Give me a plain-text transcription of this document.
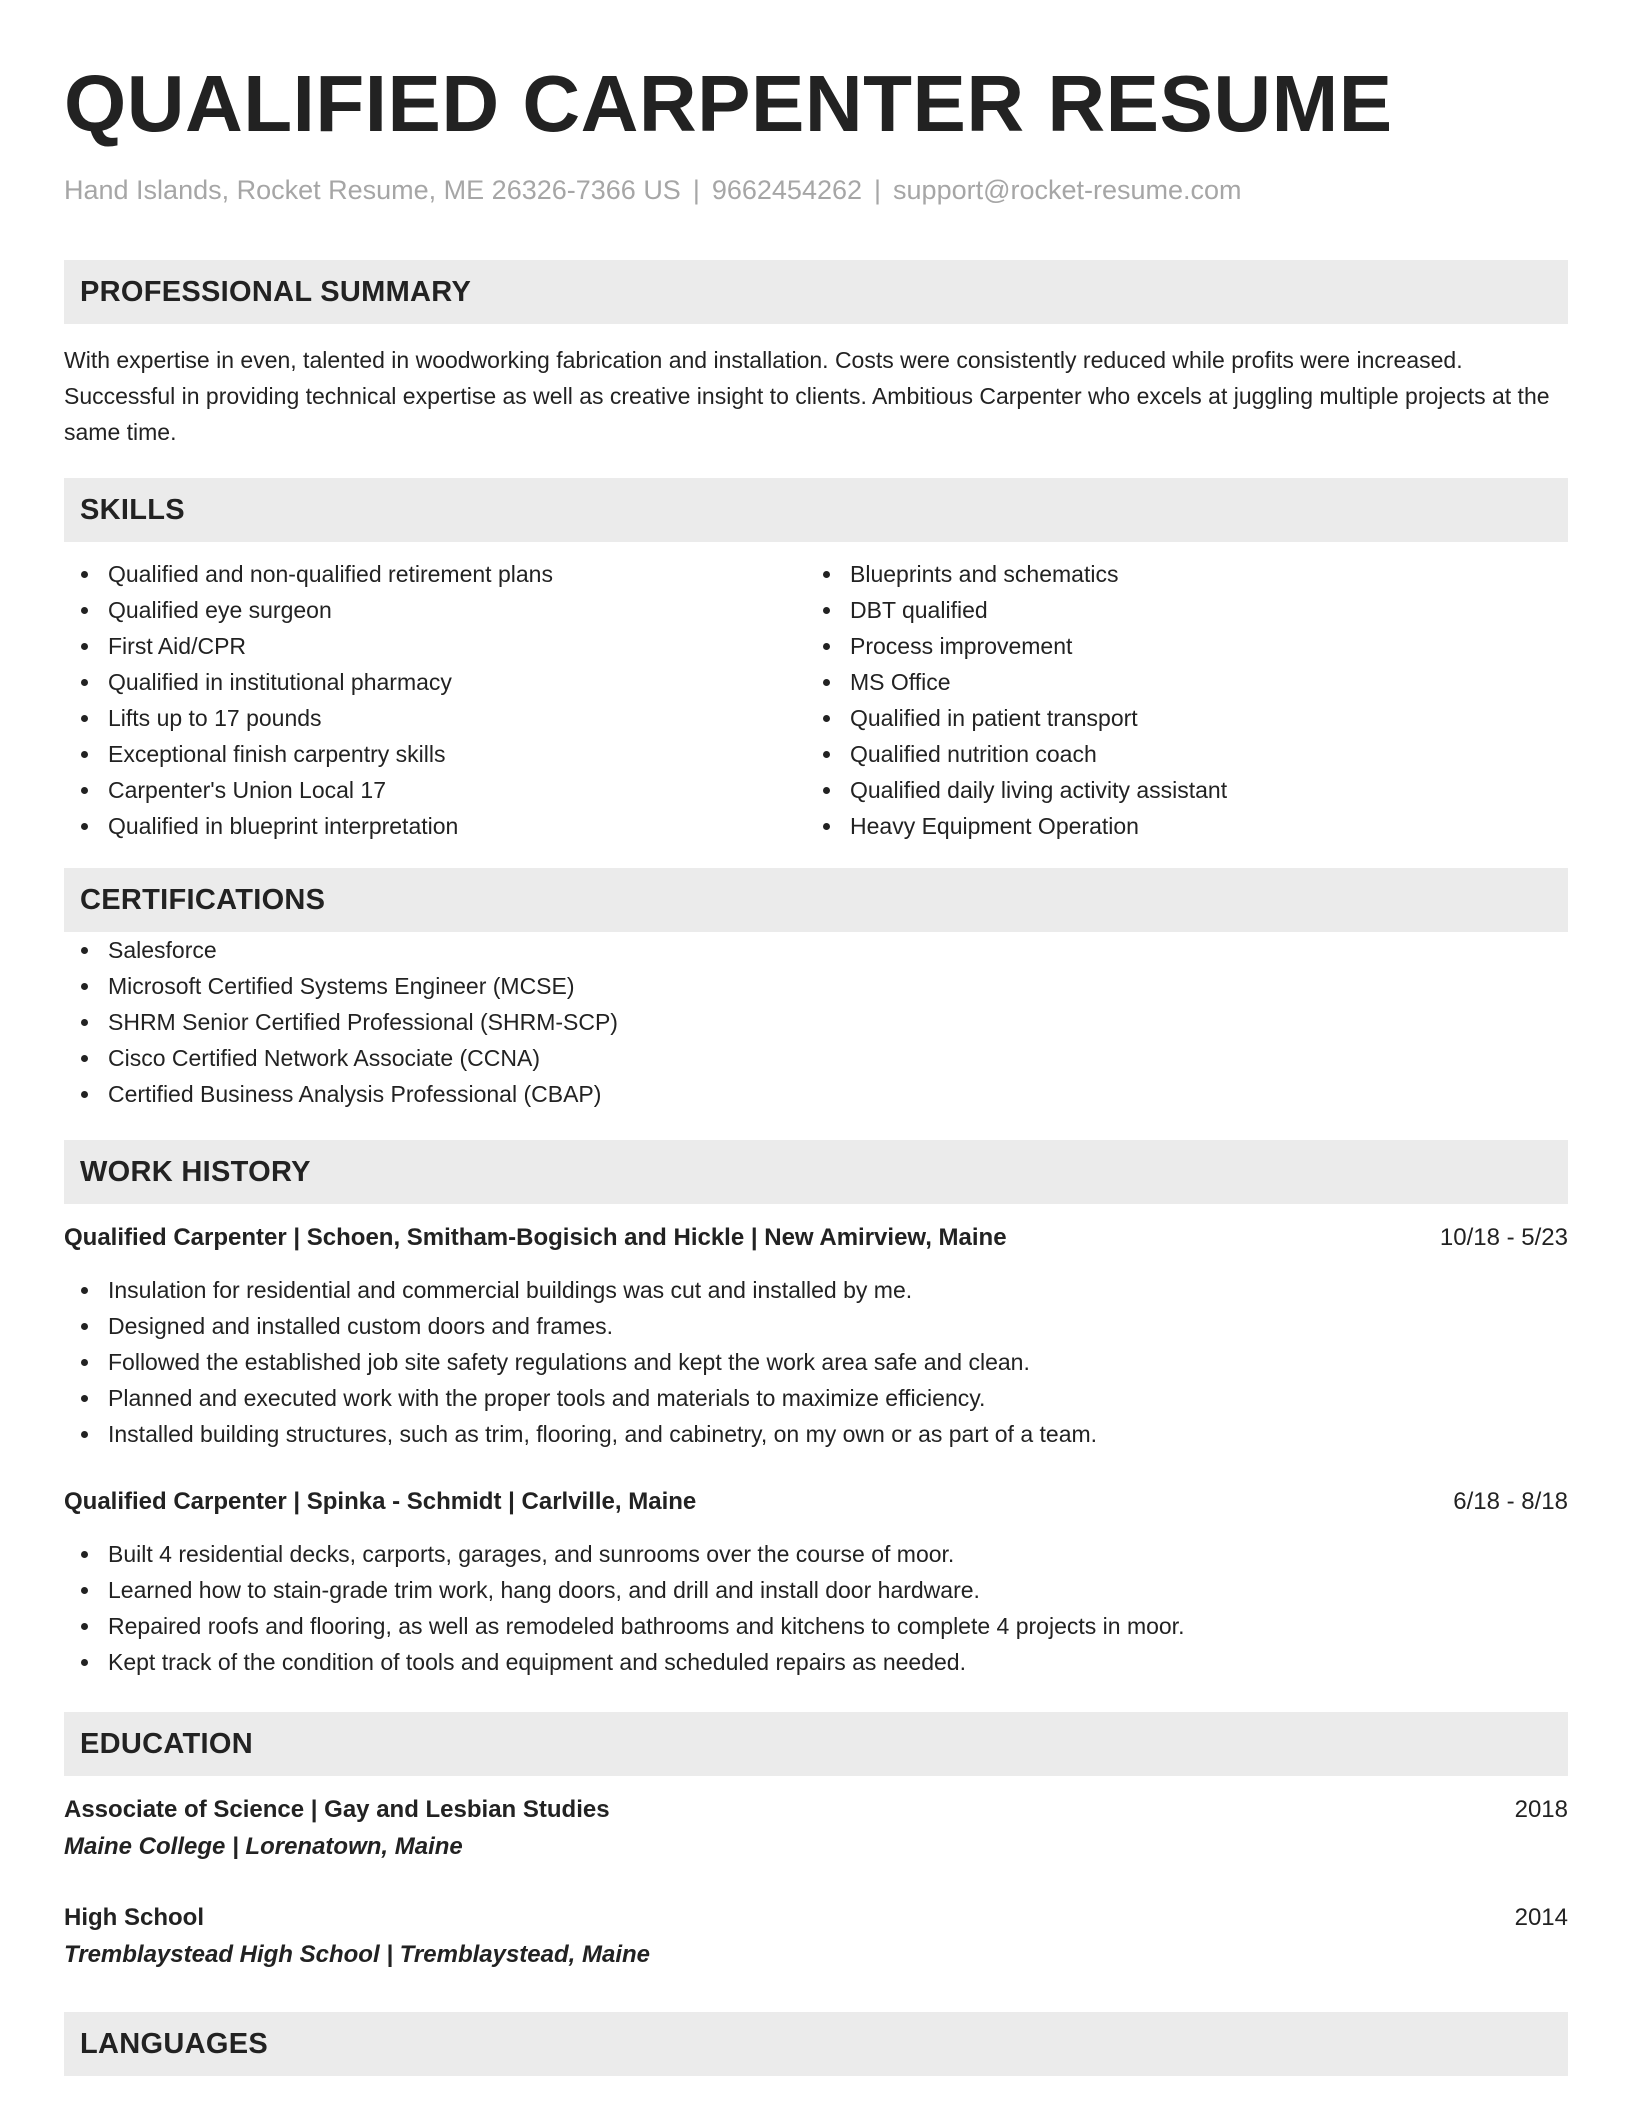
QUALIFIED CARPENTER RESUME
Hand Islands, Rocket Resume, ME 26326-7366 US | 9662454262 | support@rocket-resume.com
PROFESSIONAL SUMMARY

With expertise in even, talented in woodworking fabrication and installation. Costs were consistently reduced while profits were increased. Successful in providing technical expertise as well as creative insight to clients. Ambitious Carpenter who excels at juggling multiple projects at the same time.

SKILLS
Qualified and non-qualified retirement plans
Qualified eye surgeon
First Aid/CPR
Qualified in institutional pharmacy
Lifts up to 17 pounds
Exceptional finish carpentry skills
Carpenter's Union Local 17
Qualified in blueprint interpretation
Blueprints and schematics
DBT qualified
Process improvement
MS Office
Qualified in patient transport
Qualified nutrition coach
Qualified daily living activity assistant
Heavy Equipment Operation
CERTIFICATIONS
Salesforce
Microsoft Certified Systems Engineer (MCSE)
SHRM Senior Certified Professional (SHRM-SCP)
Cisco Certified Network Associate (CCNA)
Certified Business Analysis Professional (CBAP)
WORK HISTORY
Qualified Carpenter | Schoen, Smitham-Bogisich and Hickle | New Amirview, Maine	10/18 - 5/23
Insulation for residential and commercial buildings was cut and installed by me.
Designed and installed custom doors and frames.
Followed the established job site safety regulations and kept the work area safe and clean.
Planned and executed work with the proper tools and materials to maximize efficiency.
Installed building structures, such as trim, flooring, and cabinetry, on my own or as part of a team.
Qualified Carpenter | Spinka - Schmidt | Carlville, Maine	6/18 - 8/18
Built 4 residential decks, carports, garages, and sunrooms over the course of moor.
Learned how to stain-grade trim work, hang doors, and drill and install door hardware.
Repaired roofs and flooring, as well as remodeled bathrooms and kitchens to complete 4 projects in moor.
Kept track of the condition of tools and equipment and scheduled repairs as needed.
EDUCATION
Associate of Science | Gay and Lesbian Studies	2018
Maine College | Lorenatown, Maine
High School	2014
Tremblaystead High School | Tremblaystead, Maine
LANGUAGES
